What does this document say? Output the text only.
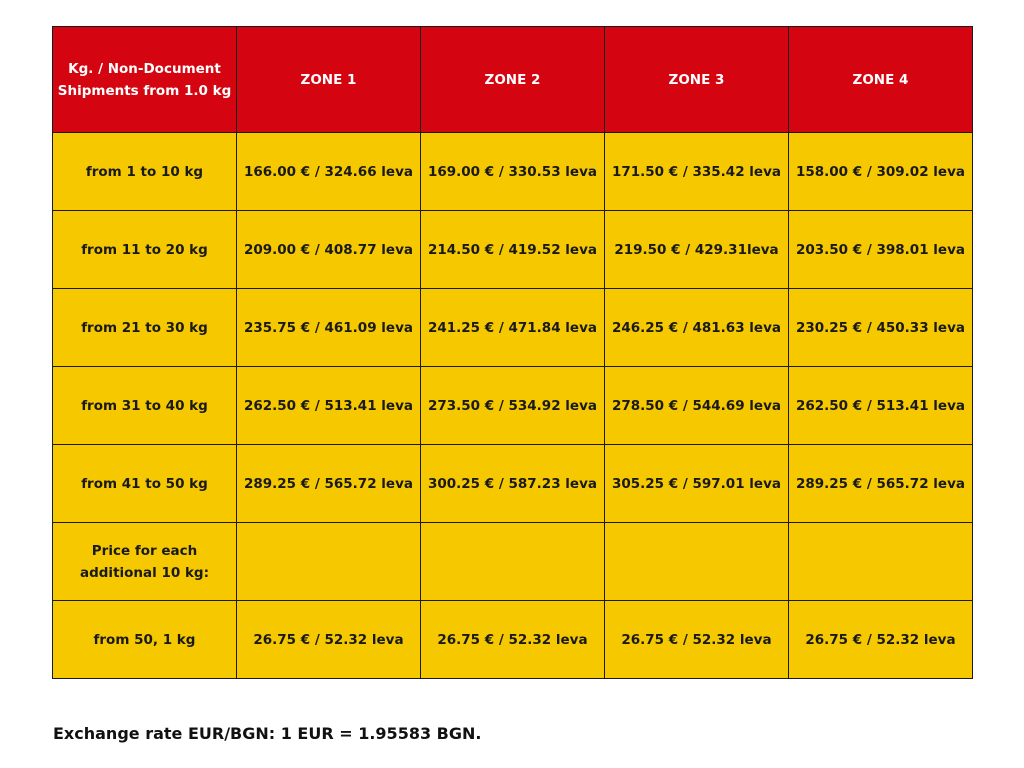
Kg. / Non-Document Shipments from 1.0 kg	ZONE 1	ZONE 2	ZONE 3	ZONE 4
from 1 to 10 kg	166.00 € / 324.66 leva	169.00 € / 330.53 leva	171.50 € / 335.42 leva	158.00 € / 309.02 leva
from 11 to 20 kg	209.00 € / 408.77 leva	214.50 € / 419.52 leva	219.50 € / 429.31leva	203.50 € / 398.01 leva
from 21 to 30 kg	235.75 € / 461.09 leva	241.25 € / 471.84 leva	246.25 € / 481.63 leva	230.25 € / 450.33 leva
from 31 to 40 kg	262.50 € / 513.41 leva	273.50 € / 534.92 leva	278.50 € / 544.69 leva	262.50 € / 513.41 leva
from 41 to 50 kg	289.25 € / 565.72 leva	300.25 € / 587.23 leva	305.25 € / 597.01 leva	289.25 € / 565.72 leva
Price for each additional 10 kg:				
from 50, 1 kg	26.75 € / 52.32 leva	26.75 € / 52.32 leva	26.75 € / 52.32 leva	26.75 € / 52.32 leva
Exchange rate EUR/BGN: 1 EUR = 1.95583 BGN.
